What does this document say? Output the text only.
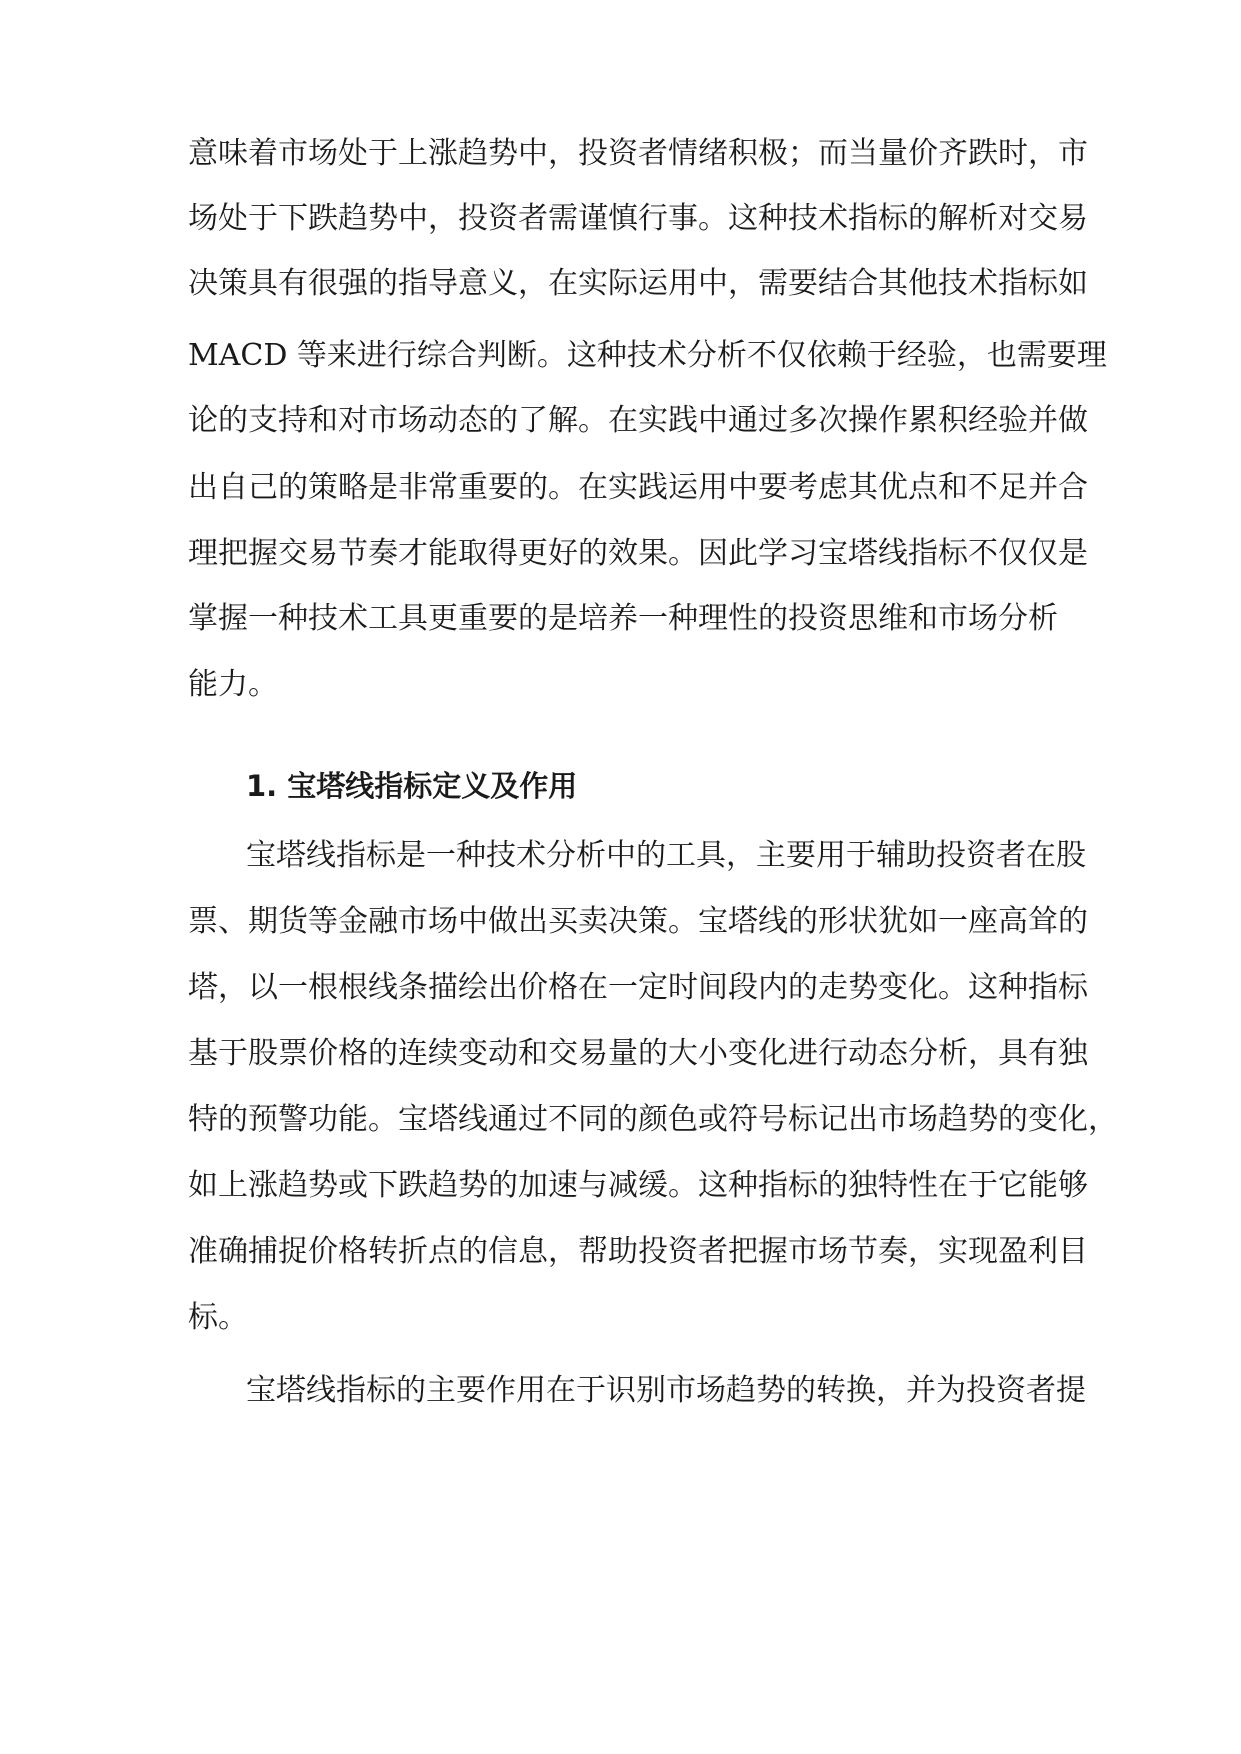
意味着市场处于上涨趋势中，投资者情绪积极；而当量价齐跌时，市
场处于下跌趋势中，投资者需谨慎行事。这种技术指标的解析对交易
决策具有很强的指导意义，在实际运用中，需要结合其他技术指标如
MACD 等来进行综合判断。这种技术分析不仅依赖于经验，也需要理
论的支持和对市场动态的了解。在实践中通过多次操作累积经验并做
出自己的策略是非常重要的。在实践运用中要考虑其优点和不足并合
理把握交易节奏才能取得更好的效果。因此学习宝塔线指标不仅仅是
掌握一种技术工具更重要的是培养一种理性的投资思维和市场分析
能力。
1. 宝塔线指标定义及作用
宝塔线指标是一种技术分析中的工具，主要用于辅助投资者在股
票、期货等金融市场中做出买卖决策。宝塔线的形状犹如一座高耸的
塔，以一根根线条描绘出价格在一定时间段内的走势变化。这种指标
基于股票价格的连续变动和交易量的大小变化进行动态分析，具有独
特的预警功能。宝塔线通过不同的颜色或符号标记出市场趋势的变化，
如上涨趋势或下跌趋势的加速与减缓。这种指标的独特性在于它能够
准确捕捉价格转折点的信息，帮助投资者把握市场节奏，实现盈利目
标。
宝塔线指标的主要作用在于识别市场趋势的转换，并为投资者提
